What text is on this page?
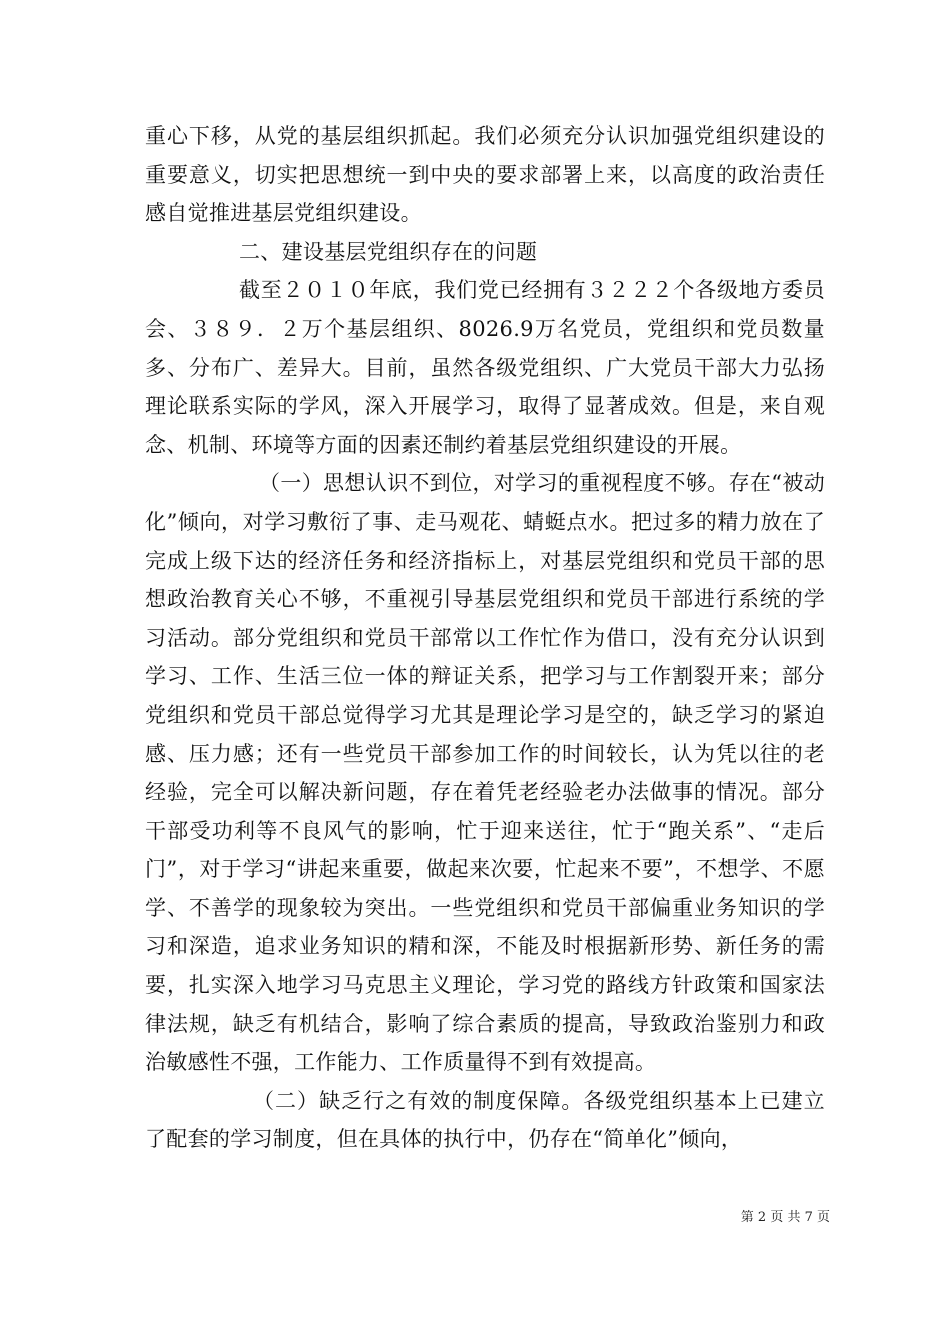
重心下移，从党的基层组织抓起。我们必须充分认识加强党组织建设的重要意义，切实把思想统一到中央的要求部署上来，以高度的政治责任感自觉推进基层党组织建设。

二、建设基层党组织存在的问题

截至２０１０年底，我们党已经拥有３２２２个各级地方委员会、３８９．２万个基层组织、8026.9万名党员，党组织和党员数量多、分布广、差异大。目前，虽然各级党组织、广大党员干部大力弘扬理论联系实际的学风，深入开展学习，取得了显著成效。但是，来自观念、机制、环境等方面的因素还制约着基层党组织建设的开展。

（一）思想认识不到位，对学习的重视程度不够。存在“被动化”倾向，对学习敷衍了事、走马观花、蜻蜓点水。把过多的精力放在了完成上级下达的经济任务和经济指标上，对基层党组织和党员干部的思想政治教育关心不够，不重视引导基层党组织和党员干部进行系统的学习活动。部分党组织和党员干部常以工作忙作为借口，没有充分认识到学习、工作、生活三位一体的辩证关系，把学习与工作割裂开来；部分党组织和党员干部总觉得学习尤其是理论学习是空的，缺乏学习的紧迫感、压力感；还有一些党员干部参加工作的时间较长，认为凭以往的老经验，完全可以解决新问题，存在着凭老经验老办法做事的情况。部分干部受功利等不良风气的影响，忙于迎来送往，忙于“跑关系”、“走后门”，对于学习“讲起来重要，做起来次要，忙起来不要”，不想学、不愿学、不善学的现象较为突出。一些党组织和党员干部偏重业务知识的学习和深造，追求业务知识的精和深，不能及时根据新形势、新任务的需要，扎实深入地学习马克思主义理论，学习党的路线方针政策和国家法律法规，缺乏有机结合，影响了综合素质的提高，导致政治鉴别力和政治敏感性不强，工作能力、工作质量得不到有效提高。

（二）缺乏行之有效的制度保障。各级党组织基本上已建立了配套的学习制度，但在具体的执行中，仍存在“简单化”倾向，

第 2 页 共 7 页
